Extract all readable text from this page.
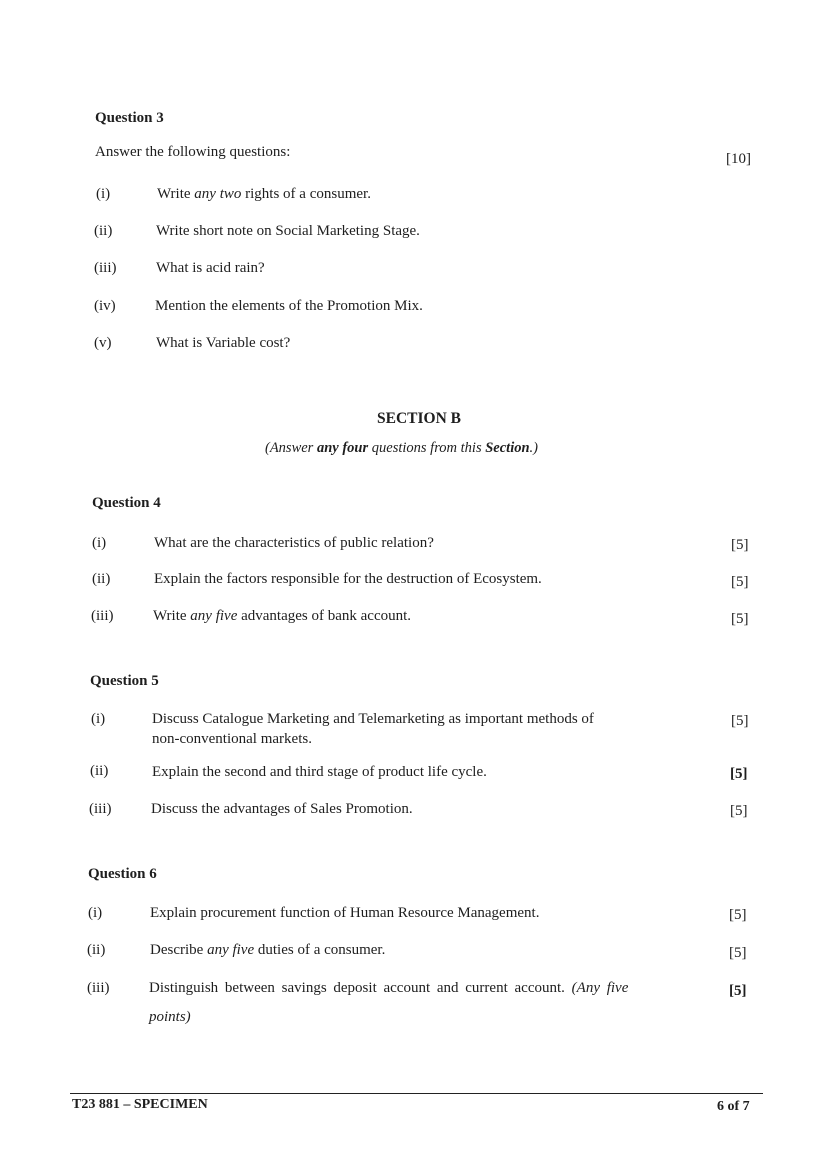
Question 3
Answer the following questions:	[10]
(i)	Write any two rights of a consumer.
(ii)	Write short note on Social Marketing Stage.
(iii)	What is acid rain?
(iv)	Mention the elements of the Promotion Mix.
(v)	What is Variable cost?
SECTION B
(Answer any four questions from this Section.)
Question 4
(i)	What are the characteristics of public relation?	[5]
(ii)	Explain the factors responsible for the destruction of Ecosystem.	[5]
(iii)	Write any five advantages of bank account.	[5]
Question 5
(i)	Discuss Catalogue Marketing and Telemarketing as important methods of
non-conventional markets.
[5]
(ii)	Explain the second and third stage of product life cycle.	[5]
(iii)	Discuss the advantages of Sales Promotion.	[5]
Question 6
(i)	Explain procurement function of Human Resource Management.	[5]
(ii)	Describe any five duties of a consumer.	[5]
(iii)	Distinguish between savings deposit account and current account. (Any five
points)
[5]
T23 881 – SPECIMEN	6 of 7
